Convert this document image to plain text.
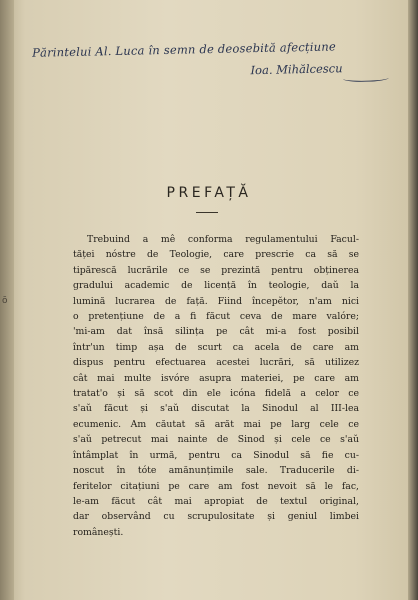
ō
Părintelui Al. Luca în semn de deosebită afecțiune
Ioa. Mihălcescu
PREFAȚĂ
Trebuind a mê conforma regulamentului Facul-
tăței nóstre de Teologie, care prescrie ca să se
tipărescă lucrările ce se prezintă pentru obținerea
gradului academic de licență în teologie, daŭ la
lumină lucrarea de față. Fiind începĕtor, n'am nici
o pretențiune de a fi făcut ceva de mare valóre;
'mi-am dat însă silința pe cât mi-a fost posibil
într'un timp așa de scurt ca acela de care am
dispus pentru efectuarea acestei lucrări, să utilizez
cât mai multe isvóre asupra materiei, pe care am
tratat'o și să scot din ele icóna fidelă a celor ce
s'aŭ făcut și s'aŭ discutat la Sinodul al III-lea
ecumenic. Am căutat să arăt mai pe larg cele ce
s'aŭ petrecut mai nainte de Sinod și cele ce s'aŭ
întâmplat în urmă, pentru ca Sinodul să fie cu-
noscut în tóte amănunțimile sale. Traducerile di-
feritelor citațiuni pe care am fost nevoit să le fac,
le-am făcut cât mai apropiat de textul original,
dar observând cu scrupulositate și geniul limbei
românești.
